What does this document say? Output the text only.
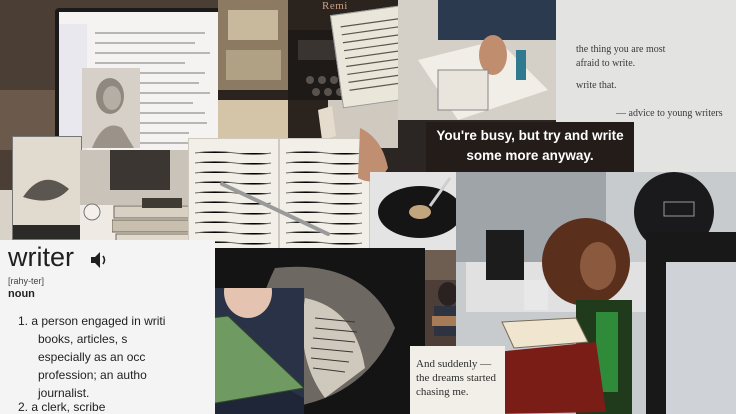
Remi

the thing you are most

afraid to write.

write that.

— advice to young writers

You're busy, but try and write
some more anyway.
writer
[rahy-ter]
noun
1. a person engaged in writi
books, articles, s
especially as an occ
profession; an autho
journalist.
2. a clerk, scribe
And suddenly —
the dreams started
chasing me.
